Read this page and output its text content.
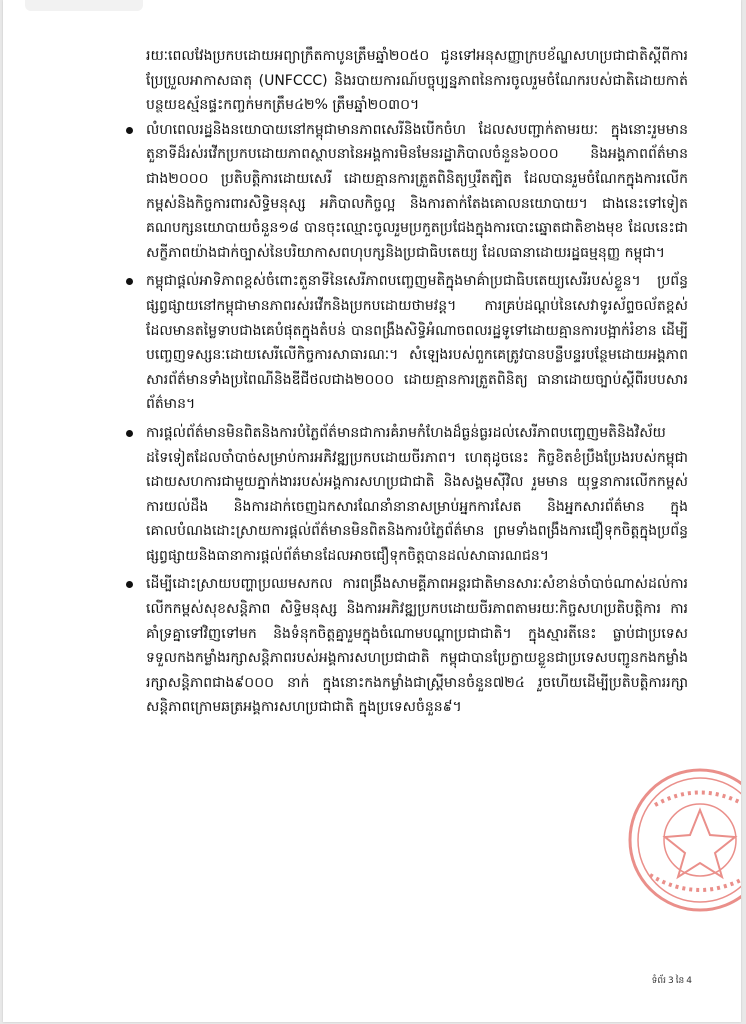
រយៈពេលវែងប្រកបដោយអព្យាក្រឹតកាបូនត្រឹមឆ្នាំ២០៥០ ជូនទៅអនុសញ្ញាក្របខ័ណ្ឌសហប្រជាជាតិស្តីពីការប្រែប្រួលអាកាសធាតុ (UNFCCC) និងរបាយការណ៍បច្ចុប្បន្នភាពនៃការចូលរួមចំណែករបស់ជាតិដោយកាត់បន្ថយឧស្ម័នផ្ទះកញ្ចក់មកត្រឹម៤២% ត្រឹមឆ្នាំ២០៣០។

លំហពេលរដ្ឋនិងនយោបាយនៅកម្ពុជាមានភាពសេរីនិងបើកចំហ ដែលសបញ្ជាក់តាមរយៈ ក្នុងនោះរួមមាន តួនាទីដ៏រស់រវើកប្រកបដោយភាពស្ថាបនានៃអង្គការមិនមែនរដ្ឋាភិបាលចំនួន៦០០០ និងអង្គភាពព័ត៌មានជាង២០០០ ប្រតិបត្តិការដោយសេរី ដោយគ្មានការត្រួតពិនិត្យឬរឹតត្បិត ដែលបានរួមចំណែកក្នុងការលើកកម្ពស់និងកិច្ចការពារសិទ្ធិមនុស្ស អភិបាលកិច្ចល្អ និងការតាក់តែងគោលនយោបាយ។ ជាងនេះទៅទៀត គណបក្សនយោបាយចំនួន១៨ បានចុះឈ្មោះចូលរួមប្រកួតប្រជែងក្នុងការបោះឆ្នោតជាតិខាងមុខ ដែលនេះជាសក្ខីភាពយ៉ាងជាក់ច្បាស់នៃបរិយាកាសពហុបក្សនិងប្រជាធិបតេយ្យ ដែលធានាដោយរដ្ឋធម្មនុញ្ញ កម្ពុជា។

កម្ពុជាផ្តល់អាទិភាពខ្ពស់ចំពោះតួនាទីនៃសេរីភាពបញ្ចេញមតិក្នុងមាគ៌ាប្រជាធិបតេយ្យសេរីរបស់ខ្លួន។ ប្រព័ន្ធផ្សព្វផ្សាយនៅកម្ពុជាមានភាពរស់រវើកនិងប្រកបដោយថាមវន្ត។ ការគ្រប់ដណ្តប់នៃសេវាទូរស័ព្ទចល័តខ្ពស់ ដែលមានតម្លៃទាបជាងគេបំផុតក្នុងតំបន់ បានពង្រឹងសិទ្ធិអំណាចពលរដ្ឋទូទៅដោយគ្មានការបង្អាក់រំខាន ដើម្បីបញ្ចេញទស្សនៈដោយសេរីលើកិច្ចការសាធារណៈ។ សំឡេងរបស់ពួកគេត្រូវបានបន្លឺបន្ទរបន្ថែមដោយអង្គភាពសារព័ត៌មានទាំងប្រពៃណីនិងឌីជីថលជាង២០០០ ដោយគ្មានការត្រួតពិនិត្យ ធានាដោយច្បាប់ស្តីពីរបបសារព័ត៌មាន។

ការផ្តល់ព័ត៌មានមិនពិតនិងការបំភ្លៃព័ត៌មានជាការគំរាមកំហែងដ៏ធ្ងន់ធ្ងរដល់សេរីភាពបញ្ចេញមតិនិងវិស័យដទៃទៀតដែលចាំបាច់សម្រាប់ការអភិវឌ្ឍប្រកបដោយចីរភាព។ ហេតុដូចនេះ កិច្ចខិតខំប្រឹងប្រែងរបស់កម្ពុជាដោយសហការជាមួយភ្នាក់ងាររបស់អង្គការសហប្រជាជាតិ និងសង្គមស៊ីវិល រួមមាន យុទ្ធនាការលើកកម្ពស់ការយល់ដឹង និងការដាក់ចេញឯកសារណែនាំនានាសម្រាប់អ្នកការសែត និងអ្នកសារព័ត៌មាន ក្នុងគោលបំណងដោះស្រាយការផ្តល់ព័ត៌មានមិនពិតនិងការបំភ្លៃព័ត៌មាន ព្រមទាំងពង្រឹងការជឿទុកចិត្តក្នុងប្រព័ន្ធផ្សព្វផ្សាយនិងធានាការផ្តល់ព័ត៌មានដែលអាចជឿទុកចិត្តបានដល់សាធារណជន។

ដើម្បីដោះស្រាយបញ្ហាប្រឈមសកល ការពង្រឹងសាមគ្គីភាពអន្តរជាតិមានសារៈសំខាន់ចាំបាច់ណាស់ដល់ការលើកកម្ពស់សុខសន្តិភាព សិទ្ធិមនុស្ស និងការអភិវឌ្ឍប្រកបដោយចីរភាពតាមរយៈកិច្ចសហប្រតិបត្តិការ ការគាំទ្រគ្នាទៅវិញទៅមក និងទំនុកចិត្តគ្នារួមក្នុងចំណោមបណ្តាប្រជាជាតិ។ ក្នុងស្មារតីនេះ ធ្លាប់ជាប្រទេសទទួលកងកម្លាំងរក្សាសន្តិភាពរបស់អង្គការសហប្រជាជាតិ កម្ពុជាបានប្រែក្លាយខ្លួនជាប្រទេសបញ្ជូនកងកម្លាំងរក្សាសន្តិភាពជាង៩០០០ នាក់ ក្នុងនោះកងកម្លាំងជាស្ត្រីមានចំនួន៧២៤ រួចហើយដើម្បីប្រតិបត្តិការរក្សាសន្តិភាពក្រោមឆត្រអង្គការសហប្រជាជាតិ ក្នុងប្រទេសចំនួន៩។

ទំព័រ 3 នៃ 4
